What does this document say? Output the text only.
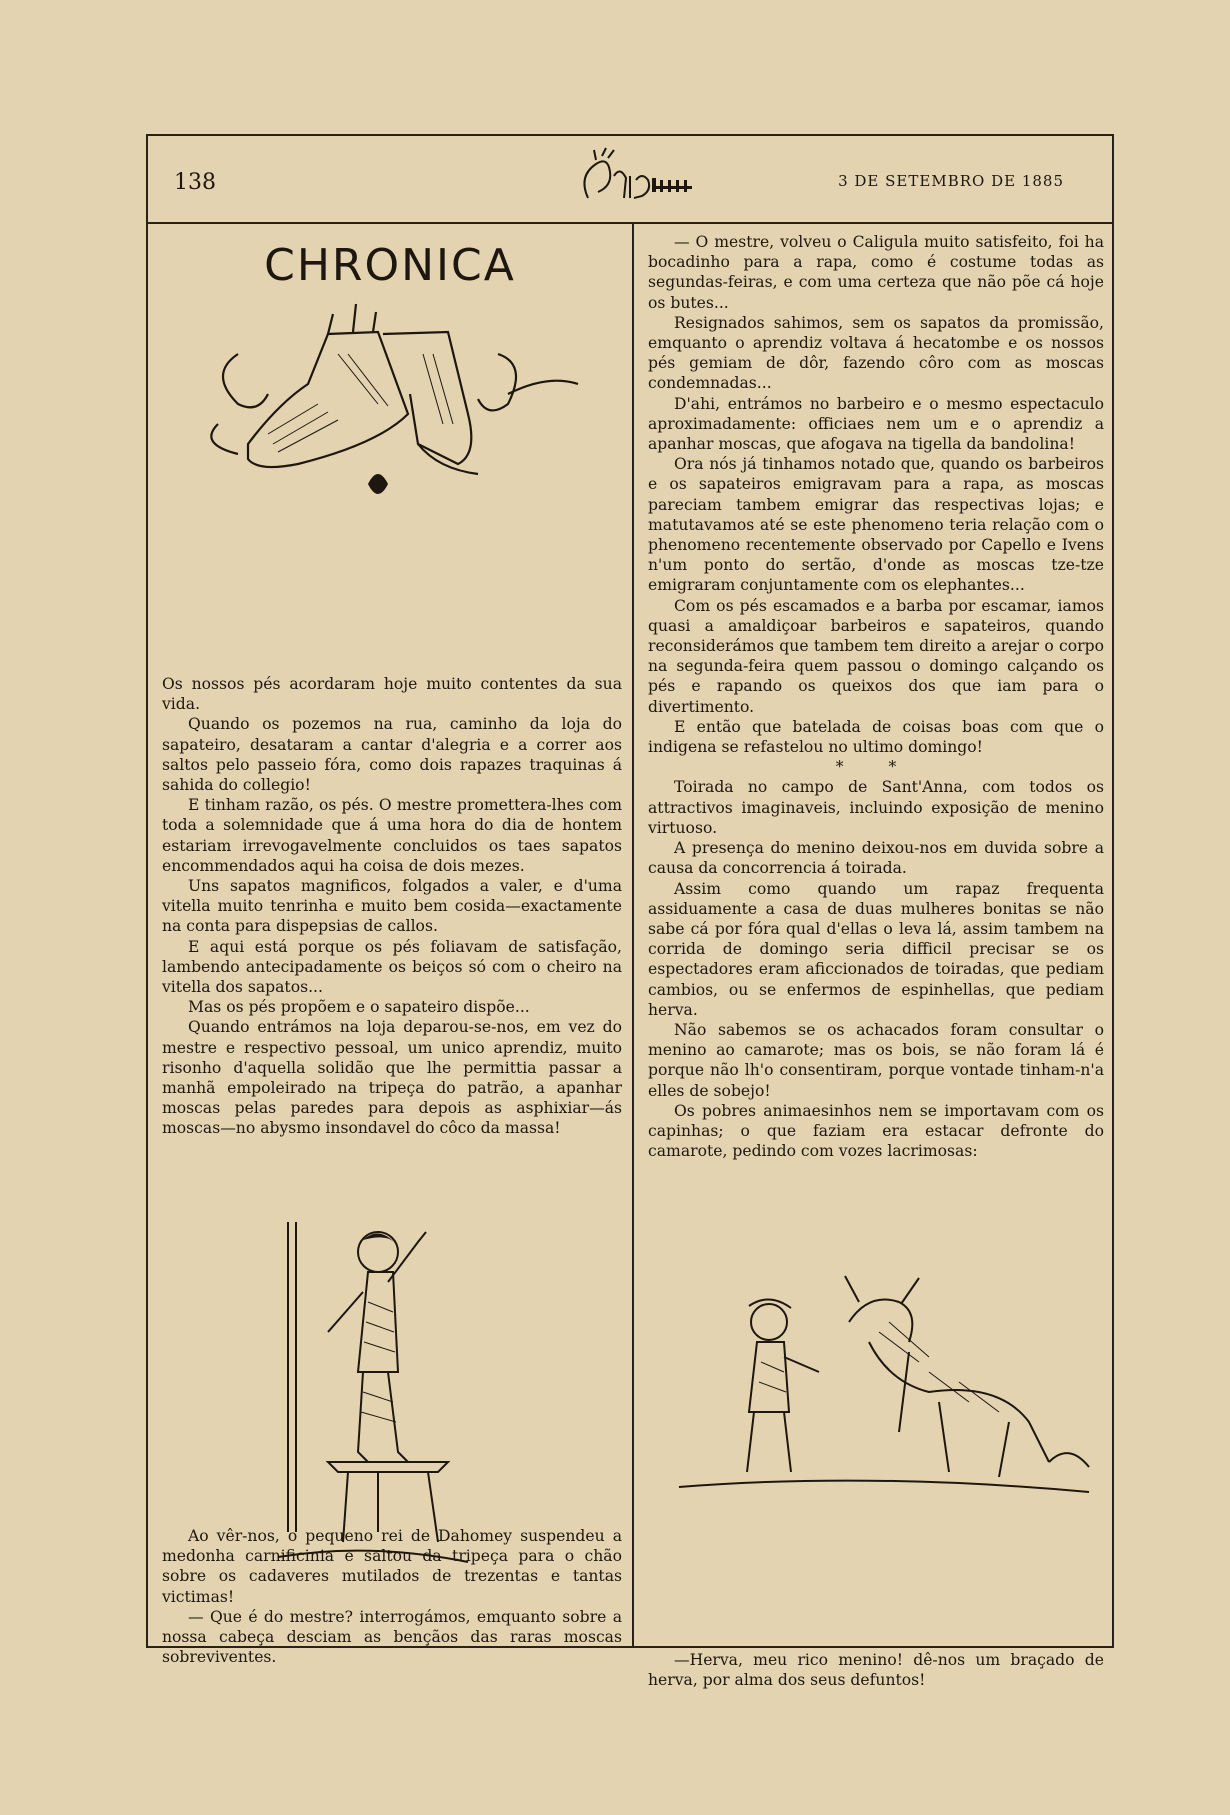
138	3 DE SETEMBRO DE 1885
CHRONICA

Os nossos pés acordaram hoje muito contentes da sua vida.

Quando os pozemos na rua, caminho da loja do sapateiro, desataram a cantar d'alegria e a correr aos saltos pelo passeio fóra, como dois rapazes traquinas á sahida do collegio!

E tinham razão, os pés. O mestre promettera-lhes com toda a solemnidade que á uma hora do dia de hontem estariam irrevogavelmente concluidos os taes sapatos encommendados aqui ha coisa de dois mezes.

Uns sapatos magnificos, folgados a valer, e d'uma vitella muito tenrinha e muito bem cosida—exactamente na conta para dispepsias de callos.

E aqui está porque os pés foliavam de satisfação, lambendo antecipadamente os beiços só com o cheiro na vitella dos sapatos...

Mas os pés propõem e o sapateiro dispõe...

Quando entrámos na loja deparou-se-nos, em vez do mestre e respectivo pessoal, um unico aprendiz, muito risonho d'aquella solidão que lhe permittia passar a manhã empoleirado na tripeça do patrão, a apanhar moscas pelas paredes para depois as asphixiar—ás moscas—no abysmo insondavel do côco da massa!

Ao vêr-nos, o pequeno rei de Dahomey suspendeu a medonha carnificinia e saltou da tripeça para o chão sobre os cadaveres mutilados de trezentas e tantas victimas!

— Que é do mestre? interrogámos, emquanto sobre a nossa cabeça desciam as bençãos das raras moscas sobreviventes.

— O mestre, volveu o Caligula muito satisfeito, foi ha bocadinho para a rapa, como é costume todas as segundas-feiras, e com uma certeza que não põe cá hoje os butes...

Resignados sahimos, sem os sapatos da promissão, emquanto o aprendiz voltava á hecatombe e os nossos pés gemiam de dôr, fazendo côro com as moscas condemnadas...

D'ahi, entrámos no barbeiro e o mesmo espectaculo aproximadamente: officiaes nem um e o aprendiz a apanhar moscas, que afogava na tigella da bandolina!

Ora nós já tinhamos notado que, quando os barbeiros e os sapateiros emigravam para a rapa, as moscas pareciam tambem emigrar das respectivas lojas; e matutavamos até se este phenomeno teria relação com o phenomeno recentemente observado por Capello e Ivens n'um ponto do sertão, d'onde as moscas tze-tze emigraram conjuntamente com os elephantes...

Com os pés escamados e a barba por escamar, iamos quasi a amaldiçoar barbeiros e sapateiros, quando reconsiderámos que tambem tem direito a arejar o corpo na segunda-feira quem passou o domingo calçando os pés e rapando os queixos dos que iam para o divertimento.

E então que batelada de coisas boas com que o indigena se refastelou no ultimo domingo!

* *

Toirada no campo de Sant'Anna, com todos os attractivos imaginaveis, incluindo exposição de menino virtuoso.

A presença do menino deixou-nos em duvida sobre a causa da concorrencia á toirada.

Assim como quando um rapaz frequenta assiduamente a casa de duas mulheres bonitas se não sabe cá por fóra qual d'ellas o leva lá, assim tambem na corrida de domingo seria difficil precisar se os espectadores eram aficcionados de toiradas, que pediam cambios, ou se enfermos de espinhellas, que pediam herva.

Não sabemos se os achacados foram consultar o menino ao camarote; mas os bois, se não foram lá é porque não lh'o consentiram, porque vontade tinham-n'a elles de sobejo!

Os pobres animaesinhos nem se importavam com os capinhas; o que faziam era estacar defronte do camarote, pedindo com vozes lacrimosas:

—Herva, meu rico menino! dê-nos um braçado de herva, por alma dos seus defuntos!
